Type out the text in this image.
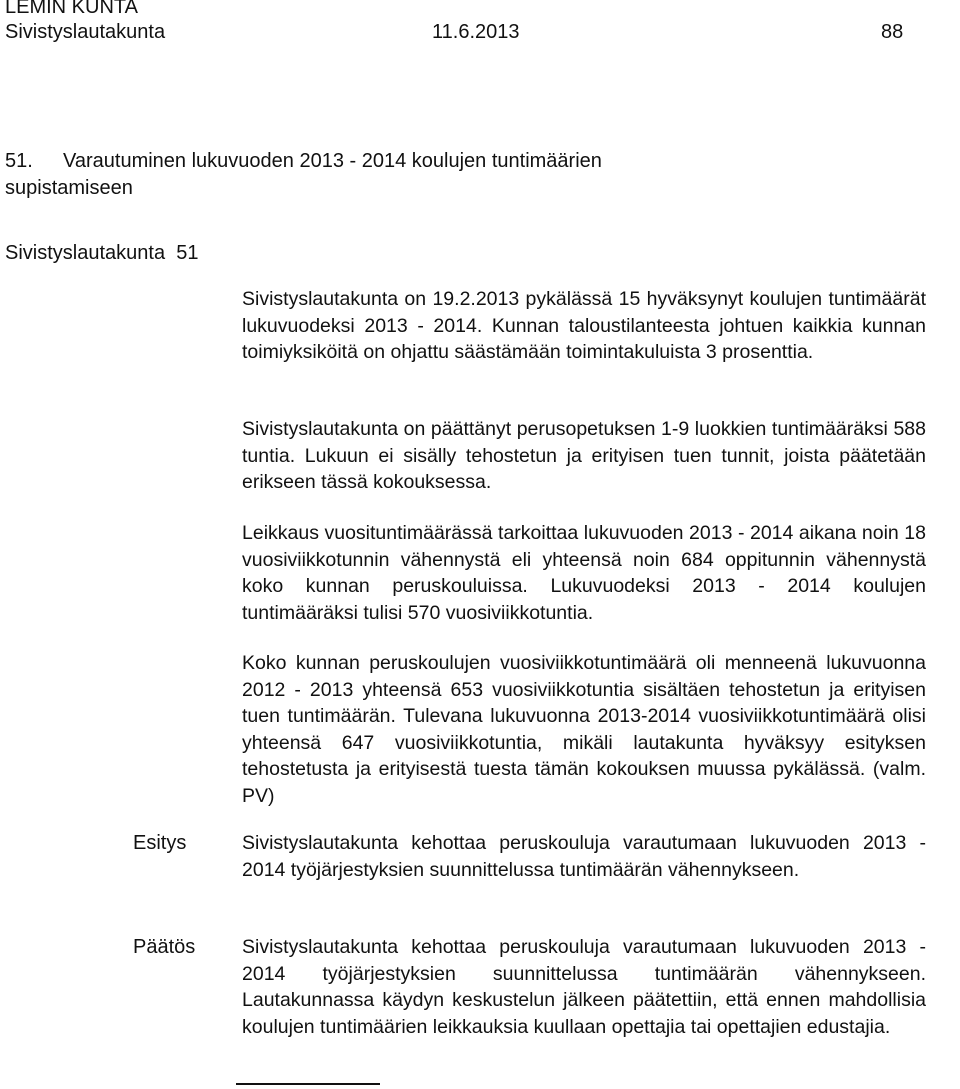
LEMIN KUNTA
Sivistyslautakunta	11.6.2013	88
51. Varautuminen lukuvuoden 2013 - 2014 koulujen tuntimäärien supistamiseen
Sivistyslautakunta  51

Sivistyslautakunta on 19.2.2013 pykälässä 15 hyväksynyt koulujen tuntimäärät lukuvuodeksi 2013 - 2014. Kunnan taloustilanteesta johtuen kaikkia kunnan toimiyksiköitä on ohjattu säästämään toimintakuluista 3 prosenttia.

Sivistyslautakunta on päättänyt perusopetuksen 1-9 luokkien tuntimääräksi 588 tuntia. Lukuun ei sisälly tehostetun ja erityisen tuen tunnit, joista päätetään erikseen tässä kokouksessa.

Leikkaus vuosituntimäärässä tarkoittaa lukuvuoden 2013 - 2014 aikana noin 18 vuosiviikkotunnin vähennystä eli yhteensä noin 684 oppitunnin vähennystä koko kunnan peruskouluissa. Lukuvuodeksi 2013 - 2014 koulujen tuntimääräksi tulisi 570 vuosiviikkotuntia.

Koko kunnan peruskoulujen vuosiviikkotuntimäärä oli menneenä lukuvuonna 2012 - 2013 yhteensä 653 vuosiviikkotuntia sisältäen tehostetun ja erityisen tuen tuntimäärän. Tulevana lukuvuonna 2013-2014 vuosiviikkotuntimäärä olisi yhteensä 647 vuosiviikkotuntia, mikäli lautakunta hyväksyy esityksen tehostetusta ja erityisestä tuesta tämän kokouksen muussa pykälässä. (valm. PV)

Esitys	Sivistyslautakunta kehottaa peruskouluja varautumaan lukuvuoden 2013 - 2014 työjärjestyksien suunnittelussa tuntimäärän vähennykseen.

Päätös Sivistyslautakunta kehottaa peruskouluja varautumaan lukuvuoden 2013 - 2014 työjärjestyksien suunnittelussa tuntimäärän vähennykseen. Lautakunnassa käydyn keskustelun jälkeen päätettiin, että ennen mahdollisia koulujen tuntimäärien leikkauksia kuullaan opettajia tai opettajien edustajia.
